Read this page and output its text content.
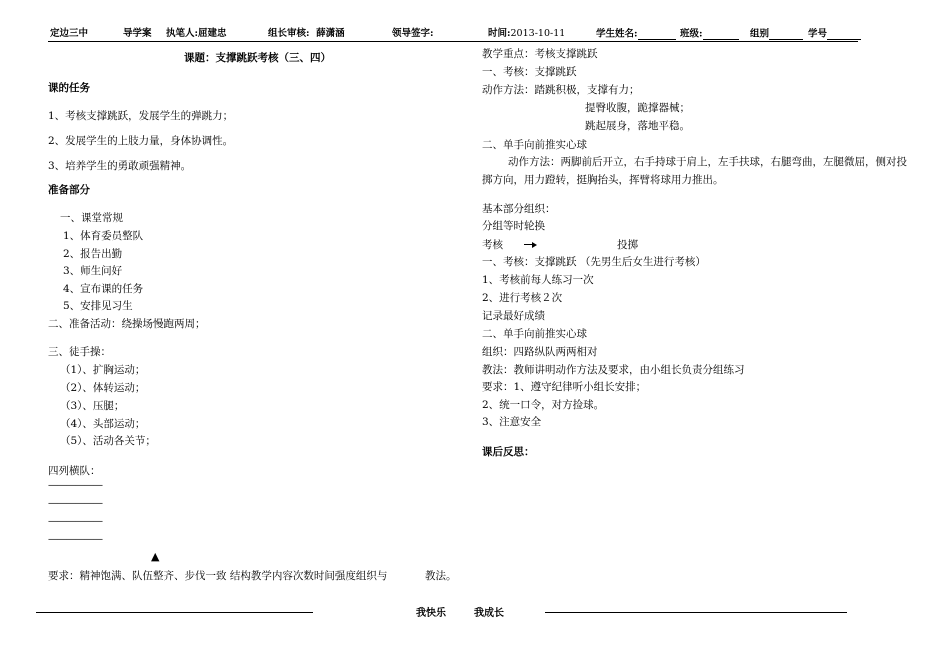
定边三中	导学案 执笔人:屈建忠	组长审核: 薛潇涵	领导签字:	时间:2013-10-11	学生姓名:	班级:	组别	学号
课题：支撑跳跃考核（三、四）
课的任务
1、考核支撑跳跃，发展学生的弹跳力；
2、发展学生的上肢力量，身体协调性。
3、培养学生的勇敢顽强精神。
准备部分
一、课堂常规
1、体育委员整队
2、报告出勤
3、师生问好
4、宣布课的任务
5、安排见习生
二、准备活动：绕操场慢跑两周；
三、徒手操：
（1）、扩胸运动；
（2）、体转运动；
（3）、压腿；
（4）、头部运动；
（5）、活动各关节；
四列横队：
——————
——————
——————
——————
▲
要求：精神饱满、队伍整齐、步伐一致 结构教学内容次数时间强度组织与	教法。
教学重点：考核支撑跳跃
一、考核：支撑跳跃
动作方法：踏跳积极，支撑有力；
提臀收腹，跪撑器械；
跳起展身，落地平稳。
二、单手向前推实心球
动作方法：两脚前后开立，右手持球于肩上，左手扶球，右腿弯曲，左腿微屈，侧对投
掷方向，用力蹬转，挺胸抬头，挥臂将球用力推出。
基本部分组织：
分组等时轮换
考核	投掷
一、考核：支撑跳跃 （先男生后女生进行考核）
1、考核前每人练习一次
2、进行考核２次
记录最好成绩
二、单手向前推实心球
组织：四路纵队两两相对
教法：教师讲明动作方法及要求，由小组长负责分组练习
要求：1、遵守纪律听小组长安排；
2、统一口令，对方捡球。
3、注意安全
课后反思：
我快乐	我成长
